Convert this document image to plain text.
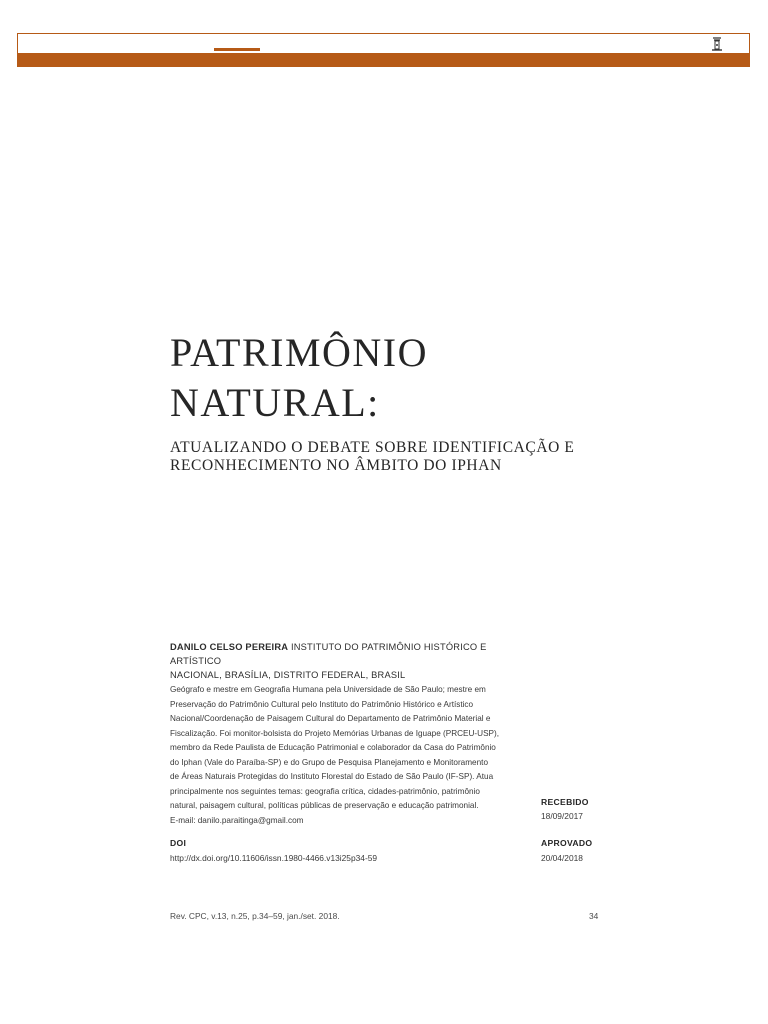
PATRIMÔNIO
NATURAL:
ATUALIZANDO O DEBATE SOBRE IDENTIFICAÇÃO E
RECONHECIMENTO NO ÂMBITO DO IPHAN
DANILO CELSO PEREIRA INSTITUTO DO PATRIMÔNIO HISTÓRICO E ARTÍSTICO
NACIONAL, BRASÍLIA, DISTRITO FEDERAL, BRASIL
Geógrafo e mestre em Geografia Humana pela Universidade de São Paulo; mestre em
Preservação do Patrimônio Cultural pelo Instituto do Patrimônio Histórico e Artístico
Nacional/Coordenação de Paisagem Cultural do Departamento de Patrimônio Material e
Fiscalização. Foi monitor-bolsista do Projeto Memórias Urbanas de Iguape (PRCEU-USP),
membro da Rede Paulista de Educação Patrimonial e colaborador da Casa do Patrimônio
do Iphan (Vale do Paraíba-SP) e do Grupo de Pesquisa Planejamento e Monitoramento
de Áreas Naturais Protegidas do Instituto Florestal do Estado de São Paulo (IF-SP). Atua
principalmente nos seguintes temas: geografia crítica, cidades-patrimônio, patrimônio
natural, paisagem cultural, políticas públicas de preservação e educação patrimonial.
E-mail: danilo.paraitinga@gmail.com
RECEBIDO
18/09/2017
DOI
http://dx.doi.org/10.11606/issn.1980-4466.v13i25p34-59
APROVADO
20/04/2018
Rev. CPC, v.13, n.25, p.34–59, jan./set. 2018.	34
